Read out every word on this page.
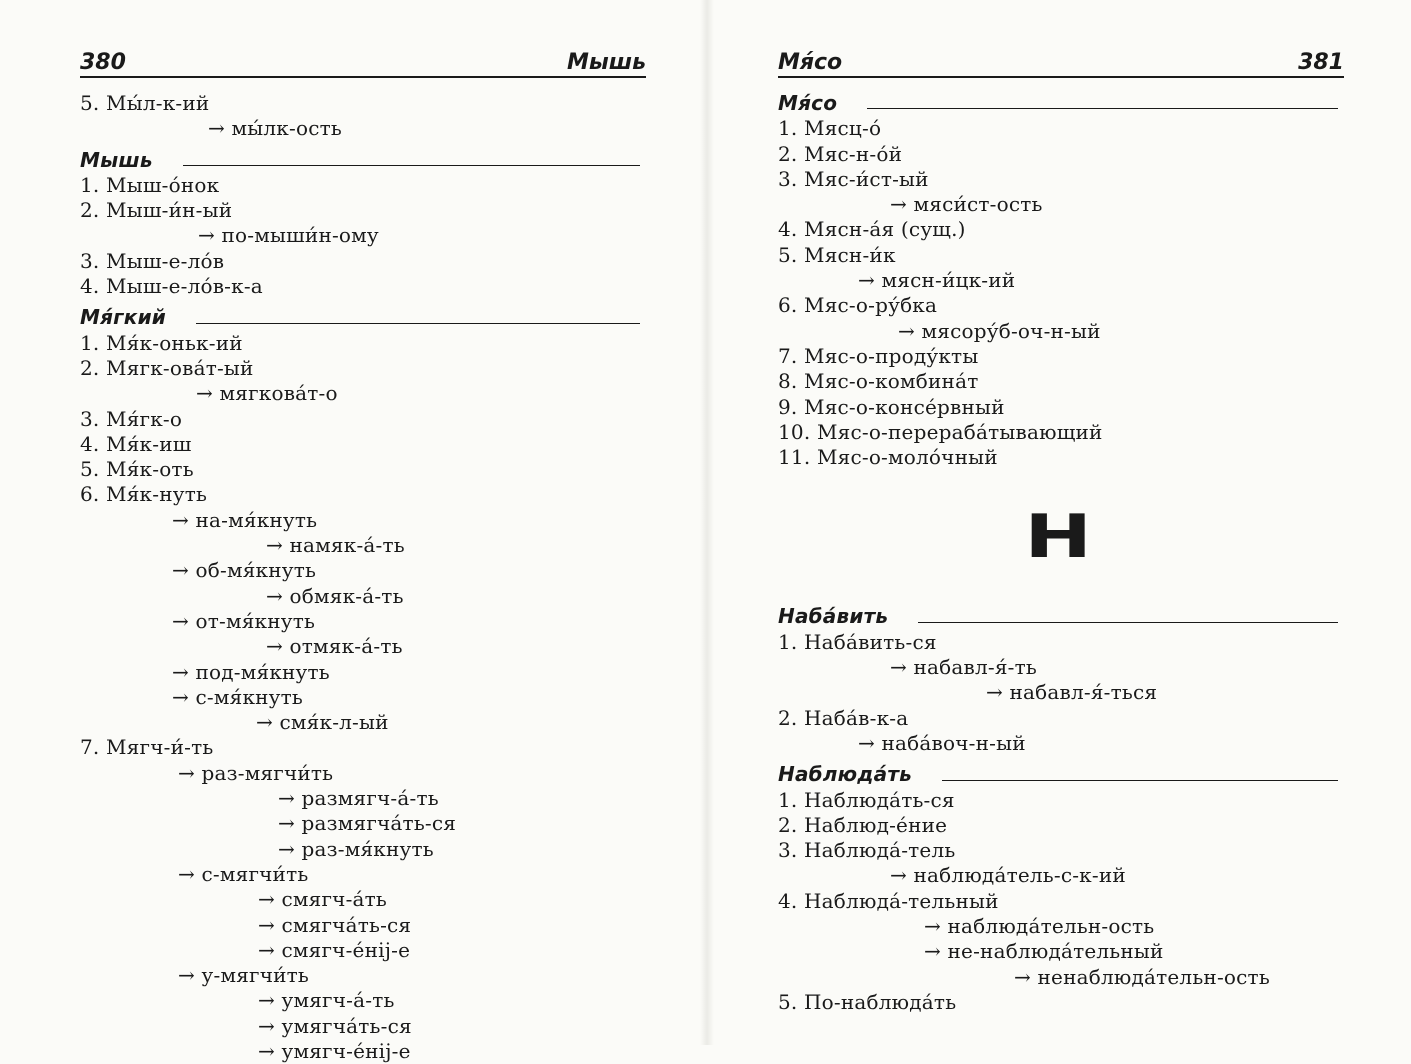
380	Мышь
5. Мы́л-к-ий
→ мы́лк-ость
Мышь
1. Мыш-о́нок
2. Мыш-и́н-ый
→ по-мыши́н-ому
3. Мыш-е-ло́в
4. Мыш-е-ло́в-к-а
Мя́гкий
1. Мя́к-оньк-ий
2. Мягк-ова́т-ый
→ мягкова́т-о
3. Мя́гк-о
4. Мя́к-иш
5. Мя́к-оть
6. Мя́к-нуть
→ на-мя́кнуть
→ намяк-а́-ть
→ об-мя́кнуть
→ обмяк-а́-ть
→ от-мя́кнуть
→ отмяк-а́-ть
→ под-мя́кнуть
→ с-мя́кнуть
→ смя́к-л-ый
7. Мягч-и́-ть
→ раз-мягчи́ть
→ размягч-а́-ть
→ размягча́ть-ся
→ раз-мя́кнуть
→ с-мягчи́ть
→ смягч-а́ть
→ смягча́ть-ся
→ смягч-е́нij-е
→ у-мягчи́ть
→ умягч-а́-ть
→ умягча́ть-ся
→ умягч-е́нij-е
Мя́со	381
Мя́со
1. Мясц-о́
2. Мяс-н-о́й
3. Мяс-и́ст-ый
→ мяси́ст-ость
4. Мясн-а́я (сущ.)
5. Мясн-и́к
→ мясн-и́цк-ий
6. Мяс-о-ру́бка
→ мясору́б-оч-н-ый
7. Мяс-о-проду́кты
8. Мяс-о-комбина́т
9. Мяс-о-консе́рвный
10. Мяс-о-перераба́тывающий
11. Мяс-о-моло́чный
Н
Наба́вить
1. Наба́вить-ся
→ набавл-я́-ть
→ набавл-я́-ться
2. Наба́в-к-а
→ наба́воч-н-ый
Наблюда́ть
1. Наблюда́ть-ся
2. Наблюд-е́ние
3. Наблюда́-тель
→ наблюда́тель-с-к-ий
4. Наблюда́-тельный
→ наблюда́тельн-ость
→ не-наблюда́тельный
→ ненаблюда́тельн-ость
5. По-наблюда́ть
